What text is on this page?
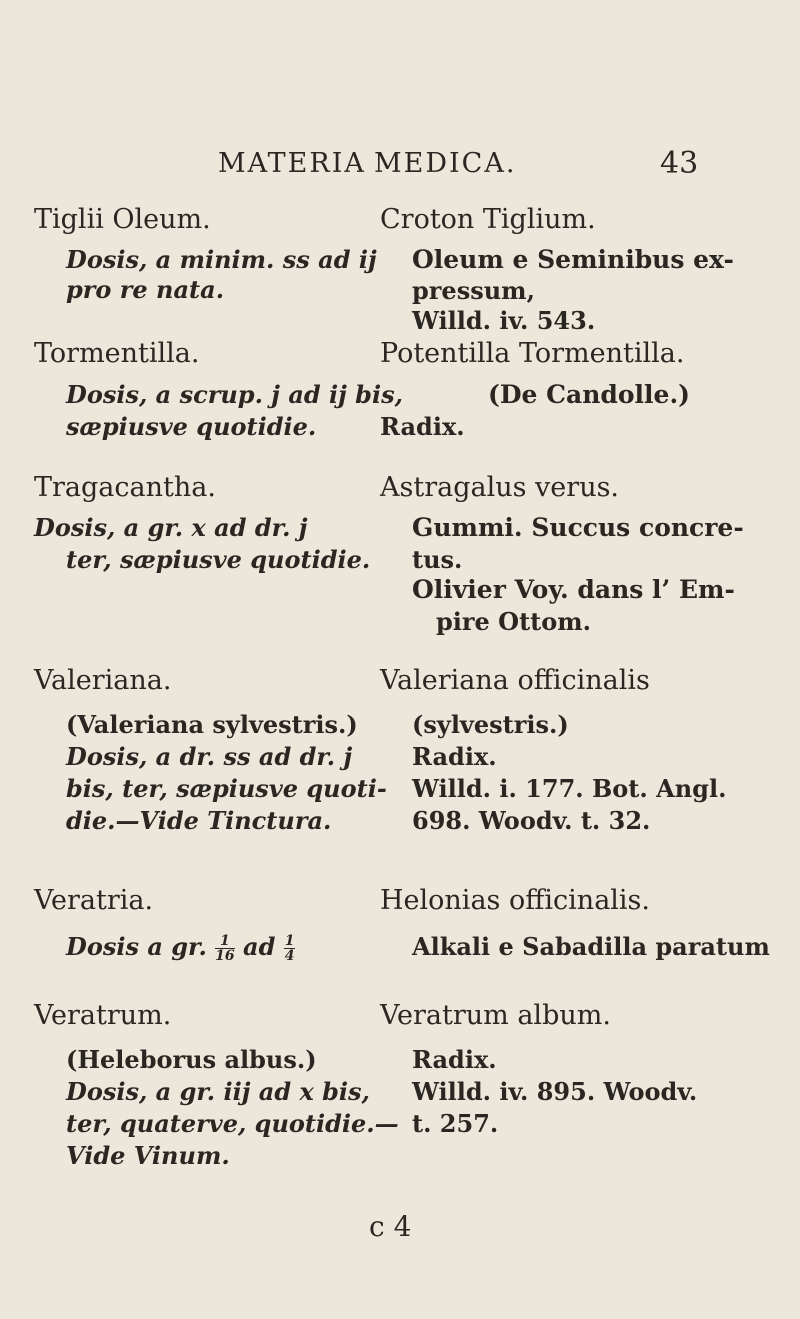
MATERIA MEDICA.	43
Tiglii Oleum.
Dosis, a minim. ss ad ij
pro re nata.
Tormentilla.
Dosis, a scrup. j ad ij bis,
sæpiusve quotidie.
Tragacantha.
Dosis, a gr. x ad dr. j
ter, sæpiusve quotidie.
Valeriana.
(Valeriana sylvestris.)
Dosis, a dr. ss ad dr. j
bis, ter, sæpiusve quoti-
die.—Vide Tinctura.
Veratria.
Dosis a gr. $\frac{1}{16}$ ad $\frac{1}{4}$
Veratrum.
(Heleborus albus.)
Dosis, a gr. iij ad x bis,
ter, quaterve, quotidie.—
Vide Vinum.
Croton Tiglium.
Oleum e Seminibus ex-
pressum,
Willd. iv. 543.
Potentilla Tormentilla.
(De Candolle.)
Radix.
Astragalus verus.
Gummi. Succus concre-
tus.
Olivier Voy. dans l’ Em-
pire Ottom.
Valeriana officinalis
(sylvestris.)
Radix.
Willd. i. 177. Bot. Angl.
698. Woodv. t. 32.
Helonias officinalis.
Alkali e Sabadilla paratum
Veratrum album.
Radix.
Willd. iv. 895. Woodv.
t. 257.
c 4
